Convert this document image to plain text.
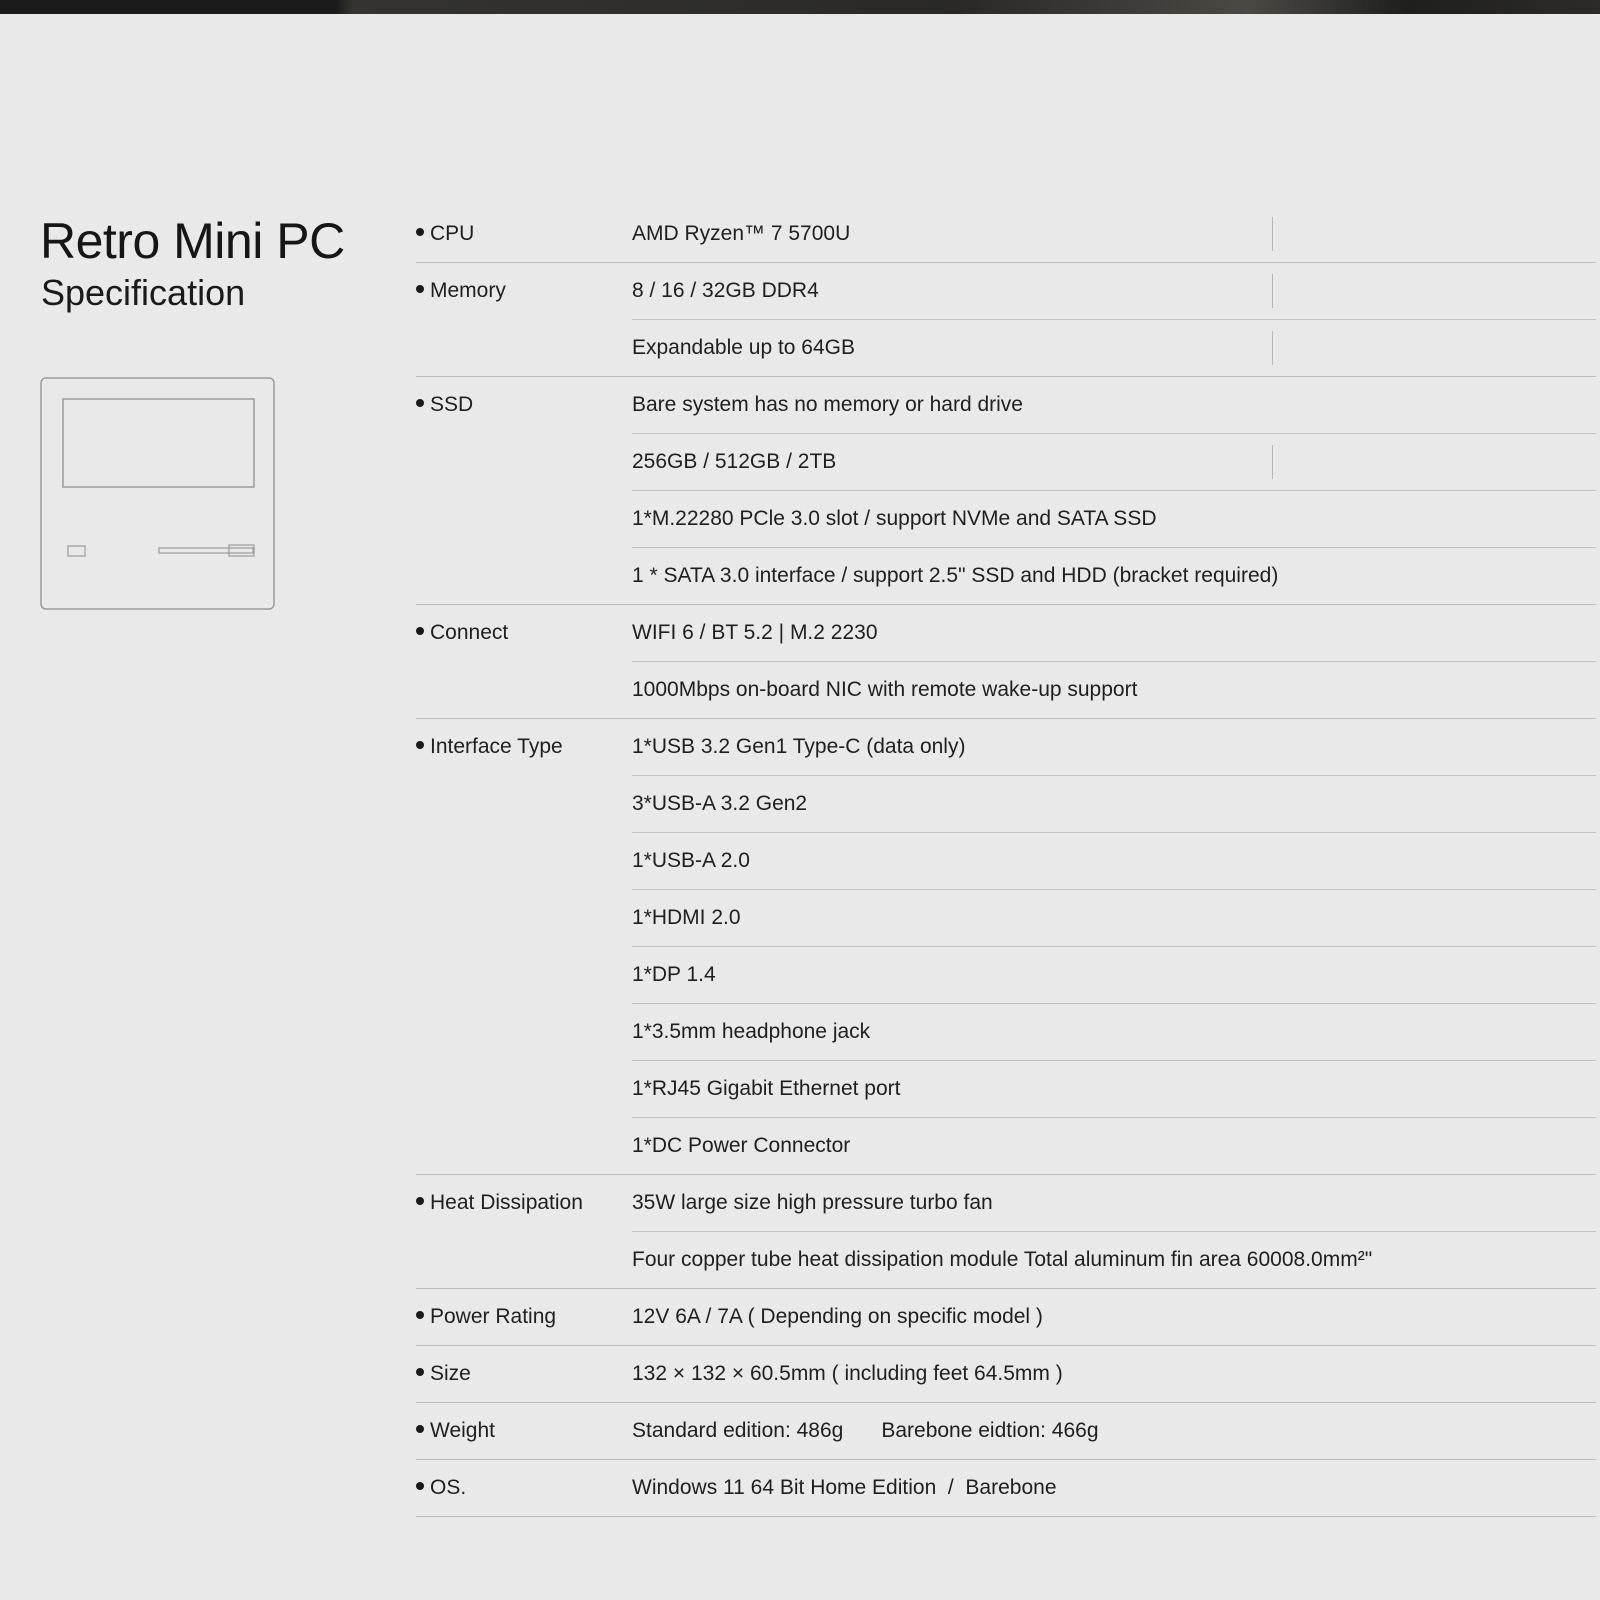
Retro Mini PC
Specification
CPU	AMD Ryzen™ 7 5700U
Memory	8 / 16 / 32GB DDR4
Expandable up to 64GB
SSD	Bare system has no memory or hard drive
256GB / 512GB / 2TB
1*M.22280 PCle 3.0 slot / support NVMe and SATA SSD
1 * SATA 3.0 interface / support 2.5" SSD and HDD (bracket required)
Connect	WIFI 6 / BT 5.2 | M.2 2230
1000Mbps on-board NIC with remote wake-up support
Interface Type	1*USB 3.2 Gen1 Type-C (data only)
3*USB-A 3.2 Gen2
1*USB-A 2.0
1*HDMI 2.0
1*DP 1.4
1*3.5mm headphone jack
1*RJ45 Gigabit Ethernet port
1*DC Power Connector
Heat Dissipation 35W large size high pressure turbo fan
Four copper tube heat dissipation module Total aluminum fin area 60008.0mm²"
Power Rating	12V 6A / 7A ( Depending on specific model )
Size	132 × 132 × 60.5mm ( including feet 64.5mm )
Weight	Standard edition: 486g Barebone eidtion: 466g
OS.	Windows 11 64 Bit Home Edition  /  Barebone
